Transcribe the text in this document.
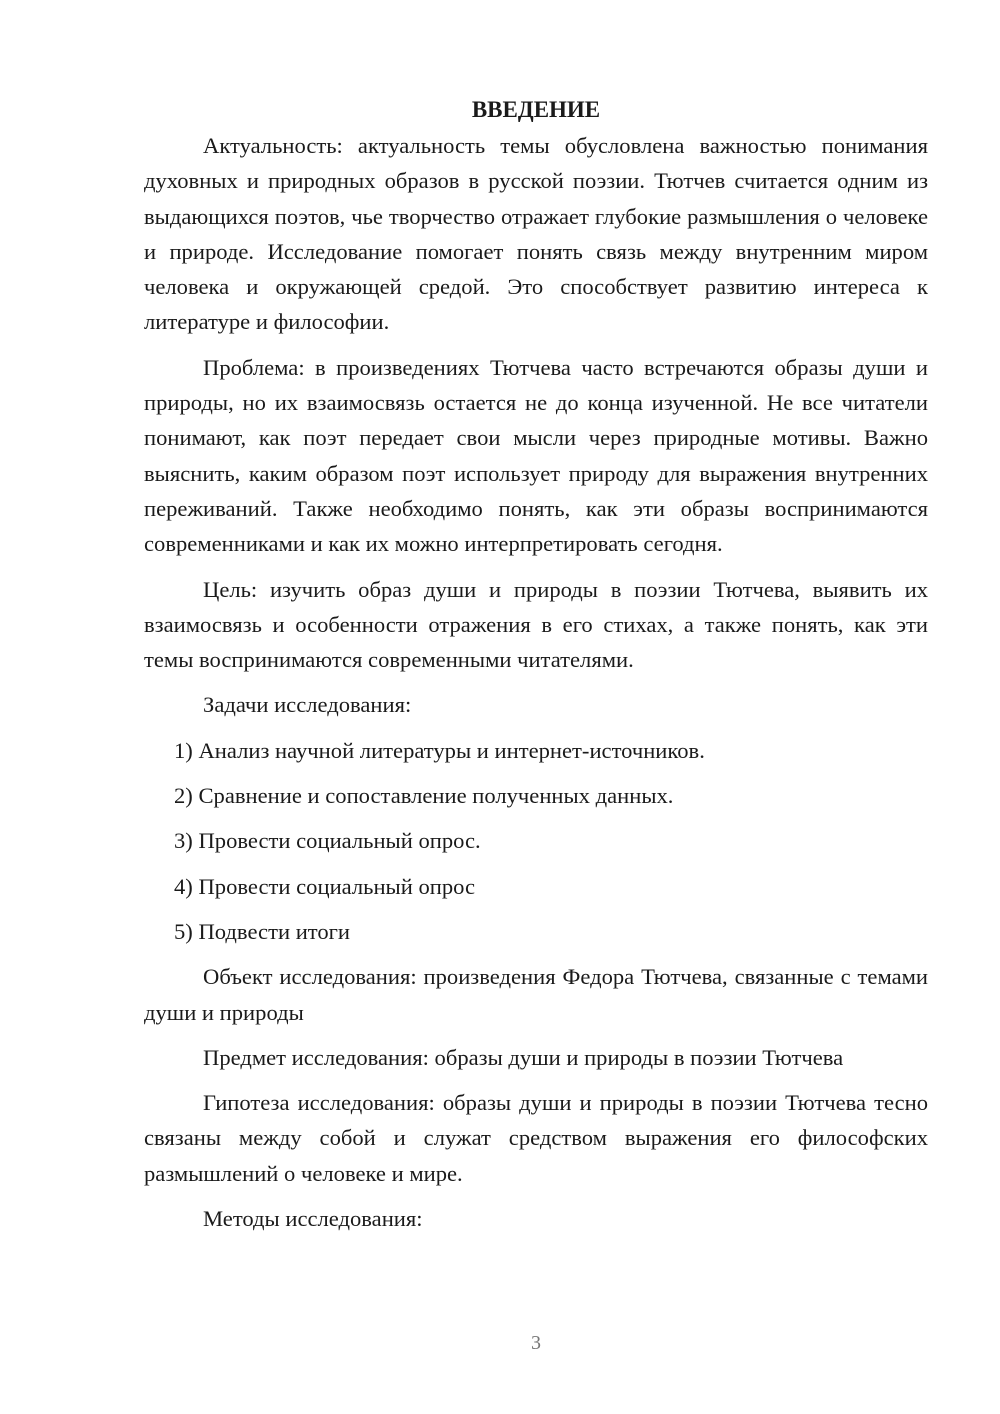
ВВЕДЕНИЕ

Актуальность: актуальность темы обусловлена важностью понимания духовных и природных образов в русской поэзии. Тютчев считается одним из выдающихся поэтов, чье творчество отражает глубокие размышления о человеке и природе. Исследование помогает понять связь между внутренним миром человека и окружающей средой. Это способствует развитию интереса к литературе и философии.

Проблема: в произведениях Тютчева часто встречаются образы души и природы, но их взаимосвязь остается не до конца изученной. Не все читатели понимают, как поэт передает свои мысли через природные мотивы. Важно выяснить, каким образом поэт использует природу для выражения внутренних переживаний. Также необходимо понять, как эти образы воспринимаются современниками и как их можно интерпретировать сегодня.

Цель: изучить образ души и природы в поэзии Тютчева, выявить их взаимосвязь и особенности отражения в его стихах, а также понять, как эти темы воспринимаются современными читателями.

Задачи исследования:

1) Анализ научной литературы и интернет-источников.

2) Сравнение и сопоставление полученных данных.

3) Провести социальный опрос.

4) Провести социальный опрос

5) Подвести итоги

Объект исследования: произведения Федора Тютчева, связанные с темами души и природы

Предмет исследования: образы души и природы в поэзии Тютчева

Гипотеза исследования: образы души и природы в поэзии Тютчева тесно связаны между собой и служат средством выражения его философских размышлений о человеке и мире.

Методы исследования:

3
